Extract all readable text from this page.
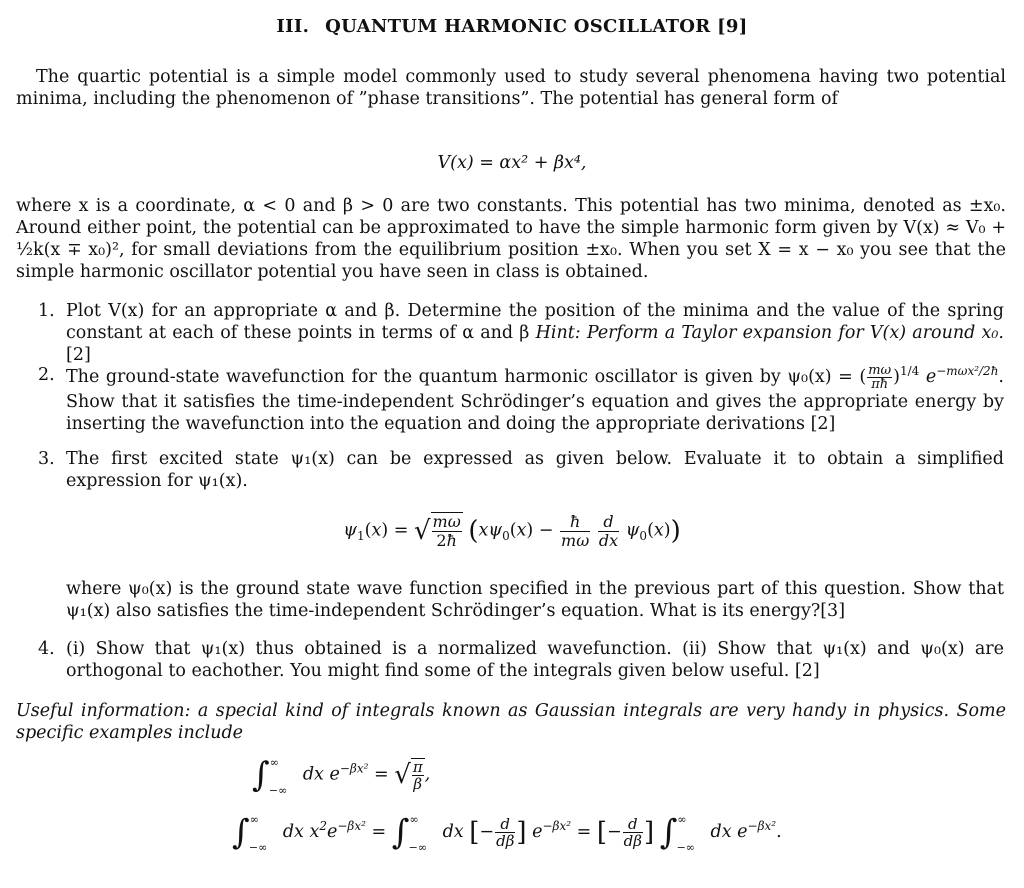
III. QUANTUM HARMONIC OSCILLATOR [9]
The quartic potential is a simple model commonly used to study several phenomena having two potential minima, including the phenomenon of ”phase transitions”. The potential has general form of
V(x) = αx² + βx⁴,
where x is a coordinate, α < 0 and β > 0 are two constants. This potential has two minima, denoted as ±x₀. Around either point, the potential can be approximated to have the simple harmonic form given by V(x) ≈ V₀ + ½k(x ∓ x₀)², for small deviations from the equilibrium position ±x₀. When you set X = x − x₀ you see that the simple harmonic oscillator potential you have seen in class is obtained.
1. Plot V(x) for an appropriate α and β. Determine the position of the minima and the value of the spring constant at each of these points in terms of α and β Hint: Perform a Taylor expansion for V(x) around x₀. [2]
2. The ground-state wavefunction for the quantum harmonic oscillator is given by ψ₀(x) = ( $\frac{m\omega}{\pi ħ} )^{1/4}$ $e^{-m\omega x^2/2ħ}$. Show that it satisfies the time-independent Schrödinger’s equation and gives the appropriate energy by inserting the wavefunction into the equation and doing the appropriate derivations [2]
3. The first excited state ψ₁(x) can be expressed as given below. Evaluate it to obtain a simplified expression for ψ₁(x).
where ψ₀(x) is the ground state wave function specified in the previous part of this question. Show that ψ₁(x) also satisfies the time-independent Schrödinger’s equation. What is its energy?[3]
4. (i) Show that ψ₁(x) thus obtained is a normalized wavefunction. (ii) Show that ψ₁(x) and ψ₀(x) are orthogonal to eachother. You might find some of the integrals given below useful. [2]
$\psi_1(x)$ = √ $\frac{m\omega}{2ħ} (x\psi_0(x) - \frac{ħ}{m\omega}$
$\frac{d}{dx} \psi_0(x)$)
Useful information: a special kind of integrals known as Gaussian integrals are very handy in physics. Some specific examples include
$\int^\infty_{-\infty}$ dx $e^{-\beta x^2}$ = √ $\frac{\pi}{\beta}$ ,
$\int^\infty_{-\infty}$ dx $x^2e^{-\beta x^2} = \int^\infty_{-\infty}$ dx [− $\frac{d}{d\beta}$ ] $e^{-\beta x^2}$ = [− $\frac{d}{d\beta}$ ] $\int^\infty_{-\infty}$ dx $e^{-\beta x^2}$.
